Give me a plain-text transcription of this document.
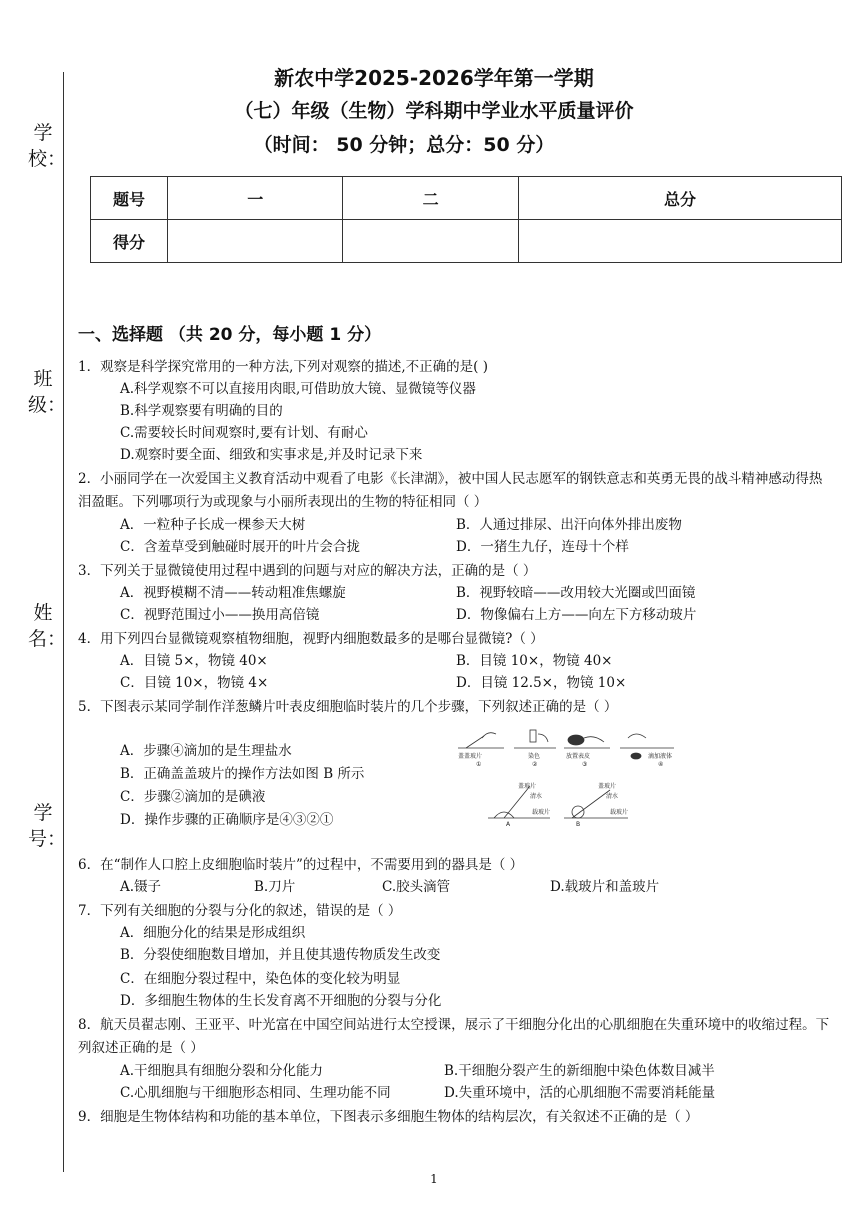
学校：
班级：
姓名：
学号：
新农中学2025-2026学年第一学期
（七）年级（生物）学科期中学业水平质量评价
（时间： 50 分钟；总分：50 分）
题号	一	二	总分
得分			
一、选择题 （共 20 分，每小题 1 分）
1．观察是科学探究常用的一种方法,下列对观察的描述,不正确的是( )
A.科学观察不可以直接用肉眼,可借助放大镜、显微镜等仪器
B.科学观察要有明确的目的
C.需要较长时间观察时,要有计划、有耐心
D.观察时要全面、细致和实事求是,并及时记录下来
2．小丽同学在一次爱国主义教育活动中观看了电影《长津湖》，被中国人民志愿军的钢铁意志和英勇无畏的战斗精神感动得热泪盈眶。下列哪项行为或现象与小丽所表现出的生物的特征相同（ ）
A．一粒种子长成一棵参天大树	B．人通过排尿、出汗向体外排出废物
C．含羞草受到触碰时展开的叶片会合拢	D．一猪生九仔，连母十个样
3．下列关于显微镜使用过程中遇到的问题与对应的解决方法，正确的是（ ）
A．视野模糊不清——转动粗准焦螺旋	B．视野较暗——改用较大光圈或凹面镜
C．视野范围过小——换用高倍镜	D．物像偏右上方——向左下方移动玻片
4．用下列四台显微镜观察植物细胞，视野内细胞数最多的是哪台显微镜?（ ）
A．目镜 5×，物镜 40×	B．目镜 10×，物镜 40×
C．目镜 10×，物镜 4×	D．目镜 12.5×，物镜 10×
5．下图表示某同学制作洋葱鳞片叶表皮细胞临时装片的几个步骤，下列叙述正确的是（ ）
A．步骤④滴加的是生理盐水
B．正确盖盖玻片的操作方法如图 B 所示
C．步骤②滴加的是碘液
D．操作步骤的正确顺序是④③②①
盖盖玻片
①
染色
②
放置表皮
③
滴加液体
④
盖玻片
清水
载玻片
A
盖玻片
清水
载玻片
B
6．在“制作人口腔上皮细胞临时装片”的过程中，不需要用到的器具是（ ）
A.镊子	B.刀片	C.胶头滴管	D.载玻片和盖玻片
7．下列有关细胞的分裂与分化的叙述，错误的是（ ）
A．细胞分化的结果是形成组织
B．分裂使细胞数目增加，并且使其遗传物质发生改变
C．在细胞分裂过程中，染色体的变化较为明显
D．多细胞生物体的生长发育离不开细胞的分裂与分化
8．航天员翟志刚、王亚平、叶光富在中国空间站进行太空授课，展示了干细胞分化出的心肌细胞在失重环境中的收缩过程。下列叙述正确的是（ ）
A.干细胞具有细胞分裂和分化能力	B.干细胞分裂产生的新细胞中染色体数目减半
C.心肌细胞与干细胞形态相同、生理功能不同	D.失重环境中，活的心肌细胞不需要消耗能量
9．细胞是生物体结构和功能的基本单位，下图表示多细胞生物体的结构层次，有关叙述不正确的是（ ）
1
